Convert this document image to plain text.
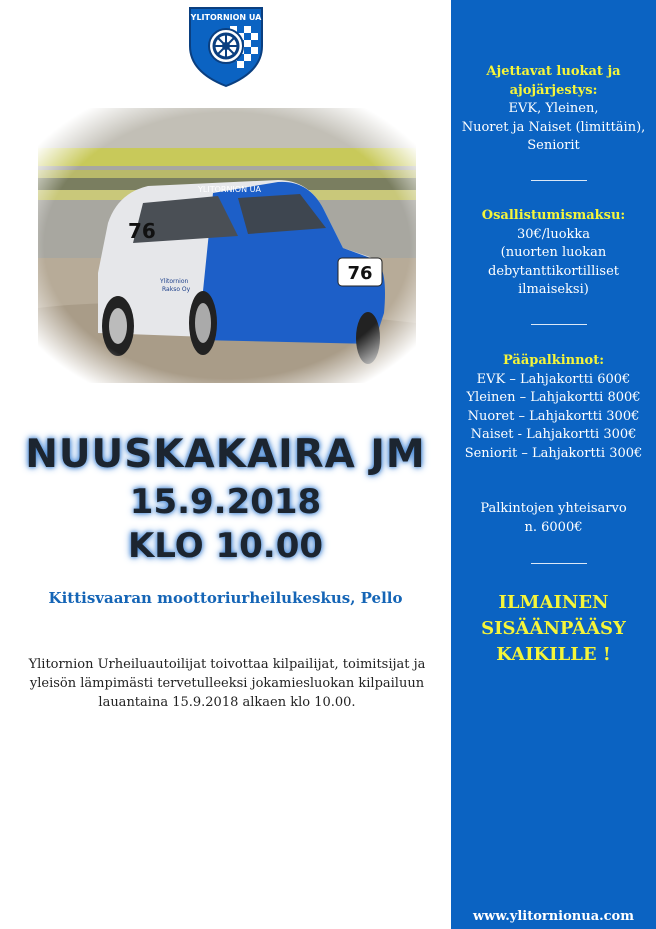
YLITORNION UA
NUUSKAKAIRA JM
15.9.2018
KLO 10.00
Kittisvaaran moottoriurheilukeskus, Pello
Ylitornion Urheiluautoilijat toivottaa kilpailijat, toimitsijat ja yleisön lämpimästi tervetulleeksi jokamiesluokan kilpailuun lauantaina 15.9.2018 alkaen klo 10.00.
Ajettavat luokat ja
ajojärjestys:
EVK, Yleinen,
Nuoret ja Naiset (limittäin),
Seniorit
Osallistumismaksu:
30€/luokka
(nuorten luokan
debytanttikortilliset
ilmaiseksi)
Pääpalkinnot:
EVK – Lahjakortti 600€
Yleinen – Lahjakortti 800€
Nuoret – Lahjakortti 300€
Naiset - Lahjakortti 300€
Seniorit – Lahjakortti 300€
Palkintojen yhteisarvo
n. 6000€
ILMAINEN
SISÄÄNPÄÄSY
KAIKILLE !
www.ylitornionua.com
